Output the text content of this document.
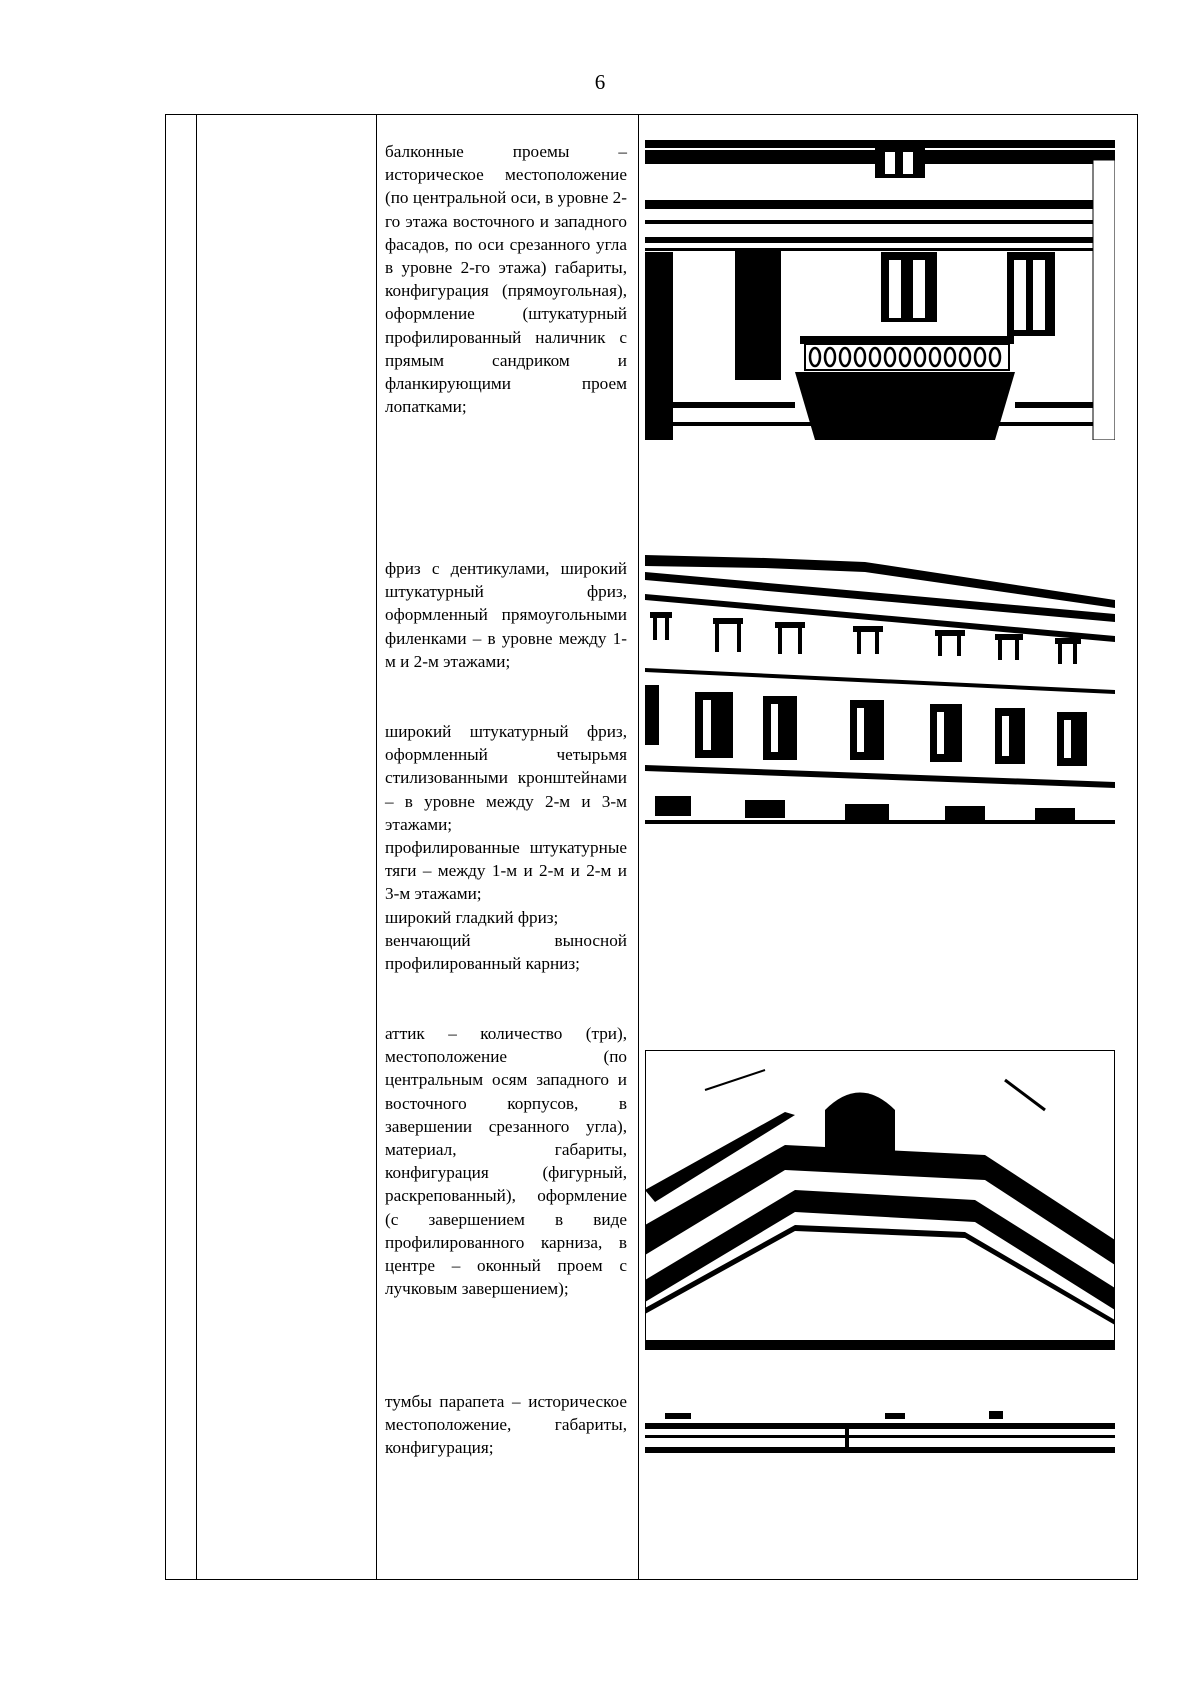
6

балконные проемы – историческое местоположение (по центральной оси, в уровне 2-го этажа восточного и западного фасадов, по оси срезанного угла в уровне 2-го этажа) габариты, конфигурация (прямоугольная), оформление (штукатурный профилированный наличник с прямым сандриком и фланкирующими проем лопатками;

фриз с дентикулами, широкий штукатурный фриз, оформленный прямоугольными филенками – в уровне между 1-м и 2-м этажами;

широкий штукатурный фриз, оформленный четырьмя стилизованными кронштейнами – в уровне между 2-м и 3-м этажами;

профилированные штукатурные тяги – между 1-м и 2-м и 2-м и 3-м этажами;

широкий гладкий фриз;

венчающий выносной профилированный карниз;

аттик – количество (три), местоположение (по центральным осям западного и восточного корпусов, в завершении срезанного угла), материал, габариты, конфигурация (фигурный, раскрепованный), оформление (с завершением в виде профилированного карниза, в центре – оконный проем с лучковым завершением);

тумбы парапета – историческое местоположение, габариты, конфигурация;
